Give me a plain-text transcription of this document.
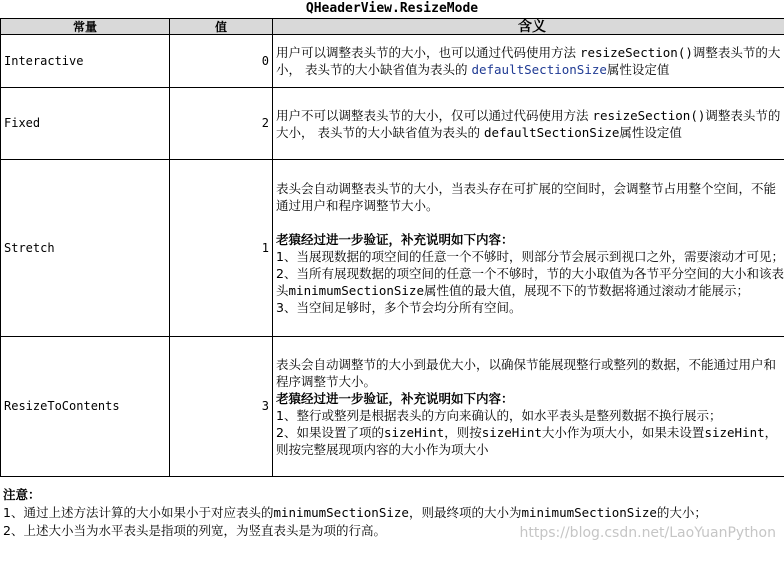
QHeaderView.ResizeMode
常量	值	含义
Interactive	0	用户可以调整表头节的大小，也可以通过代码使用方法 resizeSection()调整表头节的大小， 表头节的大小缺省值为表头的 defaultSectionSize属性设定值
Fixed	2	用户不可以调整表头节的大小，仅可以通过代码使用方法 resizeSection()调整表头节的大小， 表头节的大小缺省值为表头的 defaultSectionSize属性设定值
Stretch	1	表头会自动调整表头节的大小，当表头存在可扩展的空间时，会调整节占用整个空间，不能通过用户和程序调整节大小。
老猿经过进一步验证，补充说明如下内容：
1、当展现数据的项空间的任意一个不够时，则部分节会展示到视口之外，需要滚动才可见；
2、当所有展现数据的项空间的任意一个不够时，节的大小取值为各节平分空间的大小和该表头minimumSectionSize属性值的最大值，展现不下的节数据将通过滚动才能展示；
3、当空间足够时，多个节会均分所有空间。

ResizeToContents	3	表头会自动调整节的大小到最优大小，以确保节能展现整行或整列的数据，不能通过用户和程序调整节大小。
老猿经过进一步验证，补充说明如下内容：
1、整行或整列是根据表头的方向来确认的，如水平表头是整列数据不换行展示；
2、如果设置了项的sizeHint，则按sizeHint大小作为项大小，如果未设置sizeHint，则按完整展现项内容的大小作为项大小
注意：
1、通过上述方法计算的大小如果小于对应表头的minimumSectionSize，则最终项的大小为minimumSectionSize的大小；
2、上述大小当为水平表头是指项的列宽，为竖直表头是为项的行高。	https://blog.csdn.net/LaoYuanPython
